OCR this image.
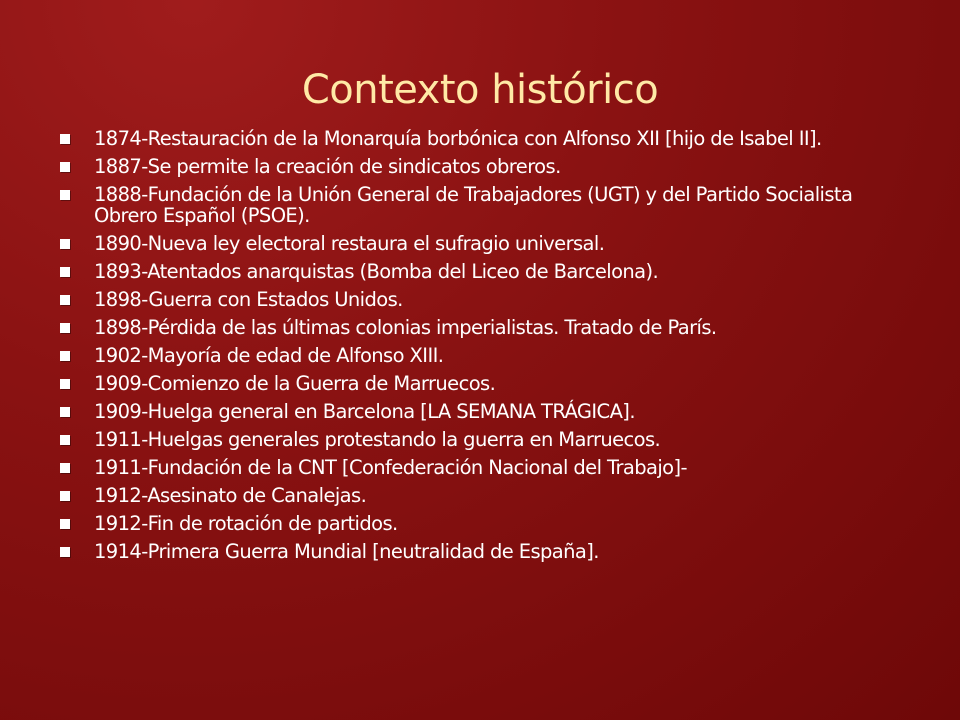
Contexto histórico
1874-Restauración de la Monarquía borbónica con Alfonso XII [hijo de Isabel II].
1887-Se permite la creación de sindicatos obreros.
1888-Fundación de la Unión General de Trabajadores (UGT) y del Partido Socialista Obrero Español (PSOE).
1890-Nueva ley electoral restaura el sufragio universal.
1893-Atentados anarquistas (Bomba del Liceo de Barcelona).
1898-Guerra con Estados Unidos.
1898-Pérdida de las últimas colonias imperialistas. Tratado de París.
1902-Mayoría de edad de Alfonso XIII.
1909-Comienzo de la Guerra de Marruecos.
1909-Huelga general en Barcelona [LA SEMANA TRÁGICA].
1911-Huelgas generales protestando la guerra en Marruecos.
1911-Fundación de la CNT [Confederación Nacional del Trabajo]-
1912-Asesinato de Canalejas.
1912-Fin de rotación de partidos.
1914-Primera Guerra Mundial [neutralidad de España].
